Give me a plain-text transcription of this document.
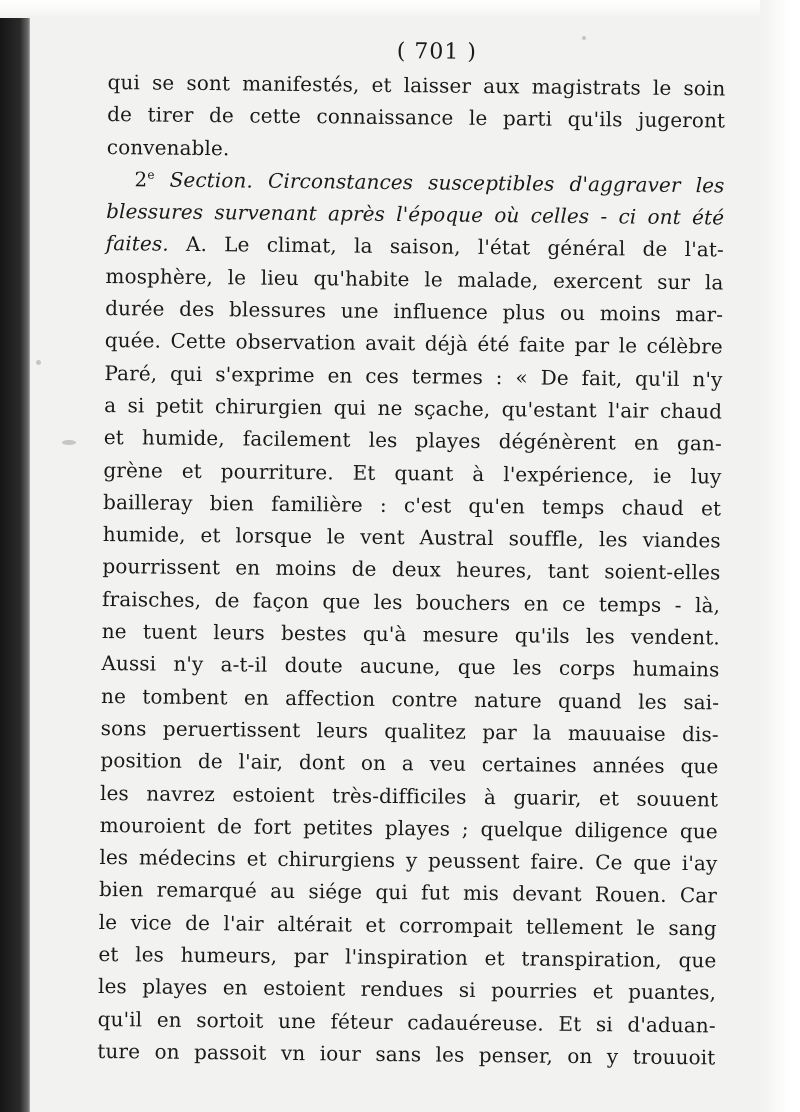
( 701 )
qui se sont manifestés, et laisser aux magistrats le soin
de tirer de cette connaissance le parti qu'ils jugeront
convenable.
2e Section. Circonstances susceptibles d'aggraver les
blessures survenant après l'époque où celles - ci ont été
faites. A. Le climat, la saison, l'état général de l'at-
mosphère, le lieu qu'habite le malade, exercent sur la
durée des blessures une influence plus ou moins mar-
quée. Cette observation avait déjà été faite par le célèbre
Paré, qui s'exprime en ces termes : « De fait, qu'il n'y
a si petit chirurgien qui ne sçache, qu'estant l'air chaud
et humide, facilement les playes dégénèrent en gan-
grène et pourriture. Et quant à l'expérience, ie luy
bailleray bien familière : c'est qu'en temps chaud et
humide, et lorsque le vent Austral souffle, les viandes
pourrissent en moins de deux heures, tant soient-elles
fraisches, de façon que les bouchers en ce temps - là,
ne tuent leurs bestes qu'à mesure qu'ils les vendent.
Aussi n'y a-t-il doute aucune, que les corps humains
ne tombent en affection contre nature quand les sai-
sons peruertissent leurs qualitez par la mauuaise dis-
position de l'air, dont on a veu certaines années que
les navrez estoient très-difficiles à guarir, et souuent
mouroient de fort petites playes ; quelque diligence que
les médecins et chirurgiens y peussent faire. Ce que i'ay
bien remarqué au siége qui fut mis devant Rouen. Car
le vice de l'air altérait et corrompait tellement le sang
et les humeurs, par l'inspiration et transpiration, que
les playes en estoient rendues si pourries et puantes,
qu'il en sortoit une féteur cadauéreuse. Et si d'aduan-
ture on passoit vn iour sans les penser, on y trouuoit
